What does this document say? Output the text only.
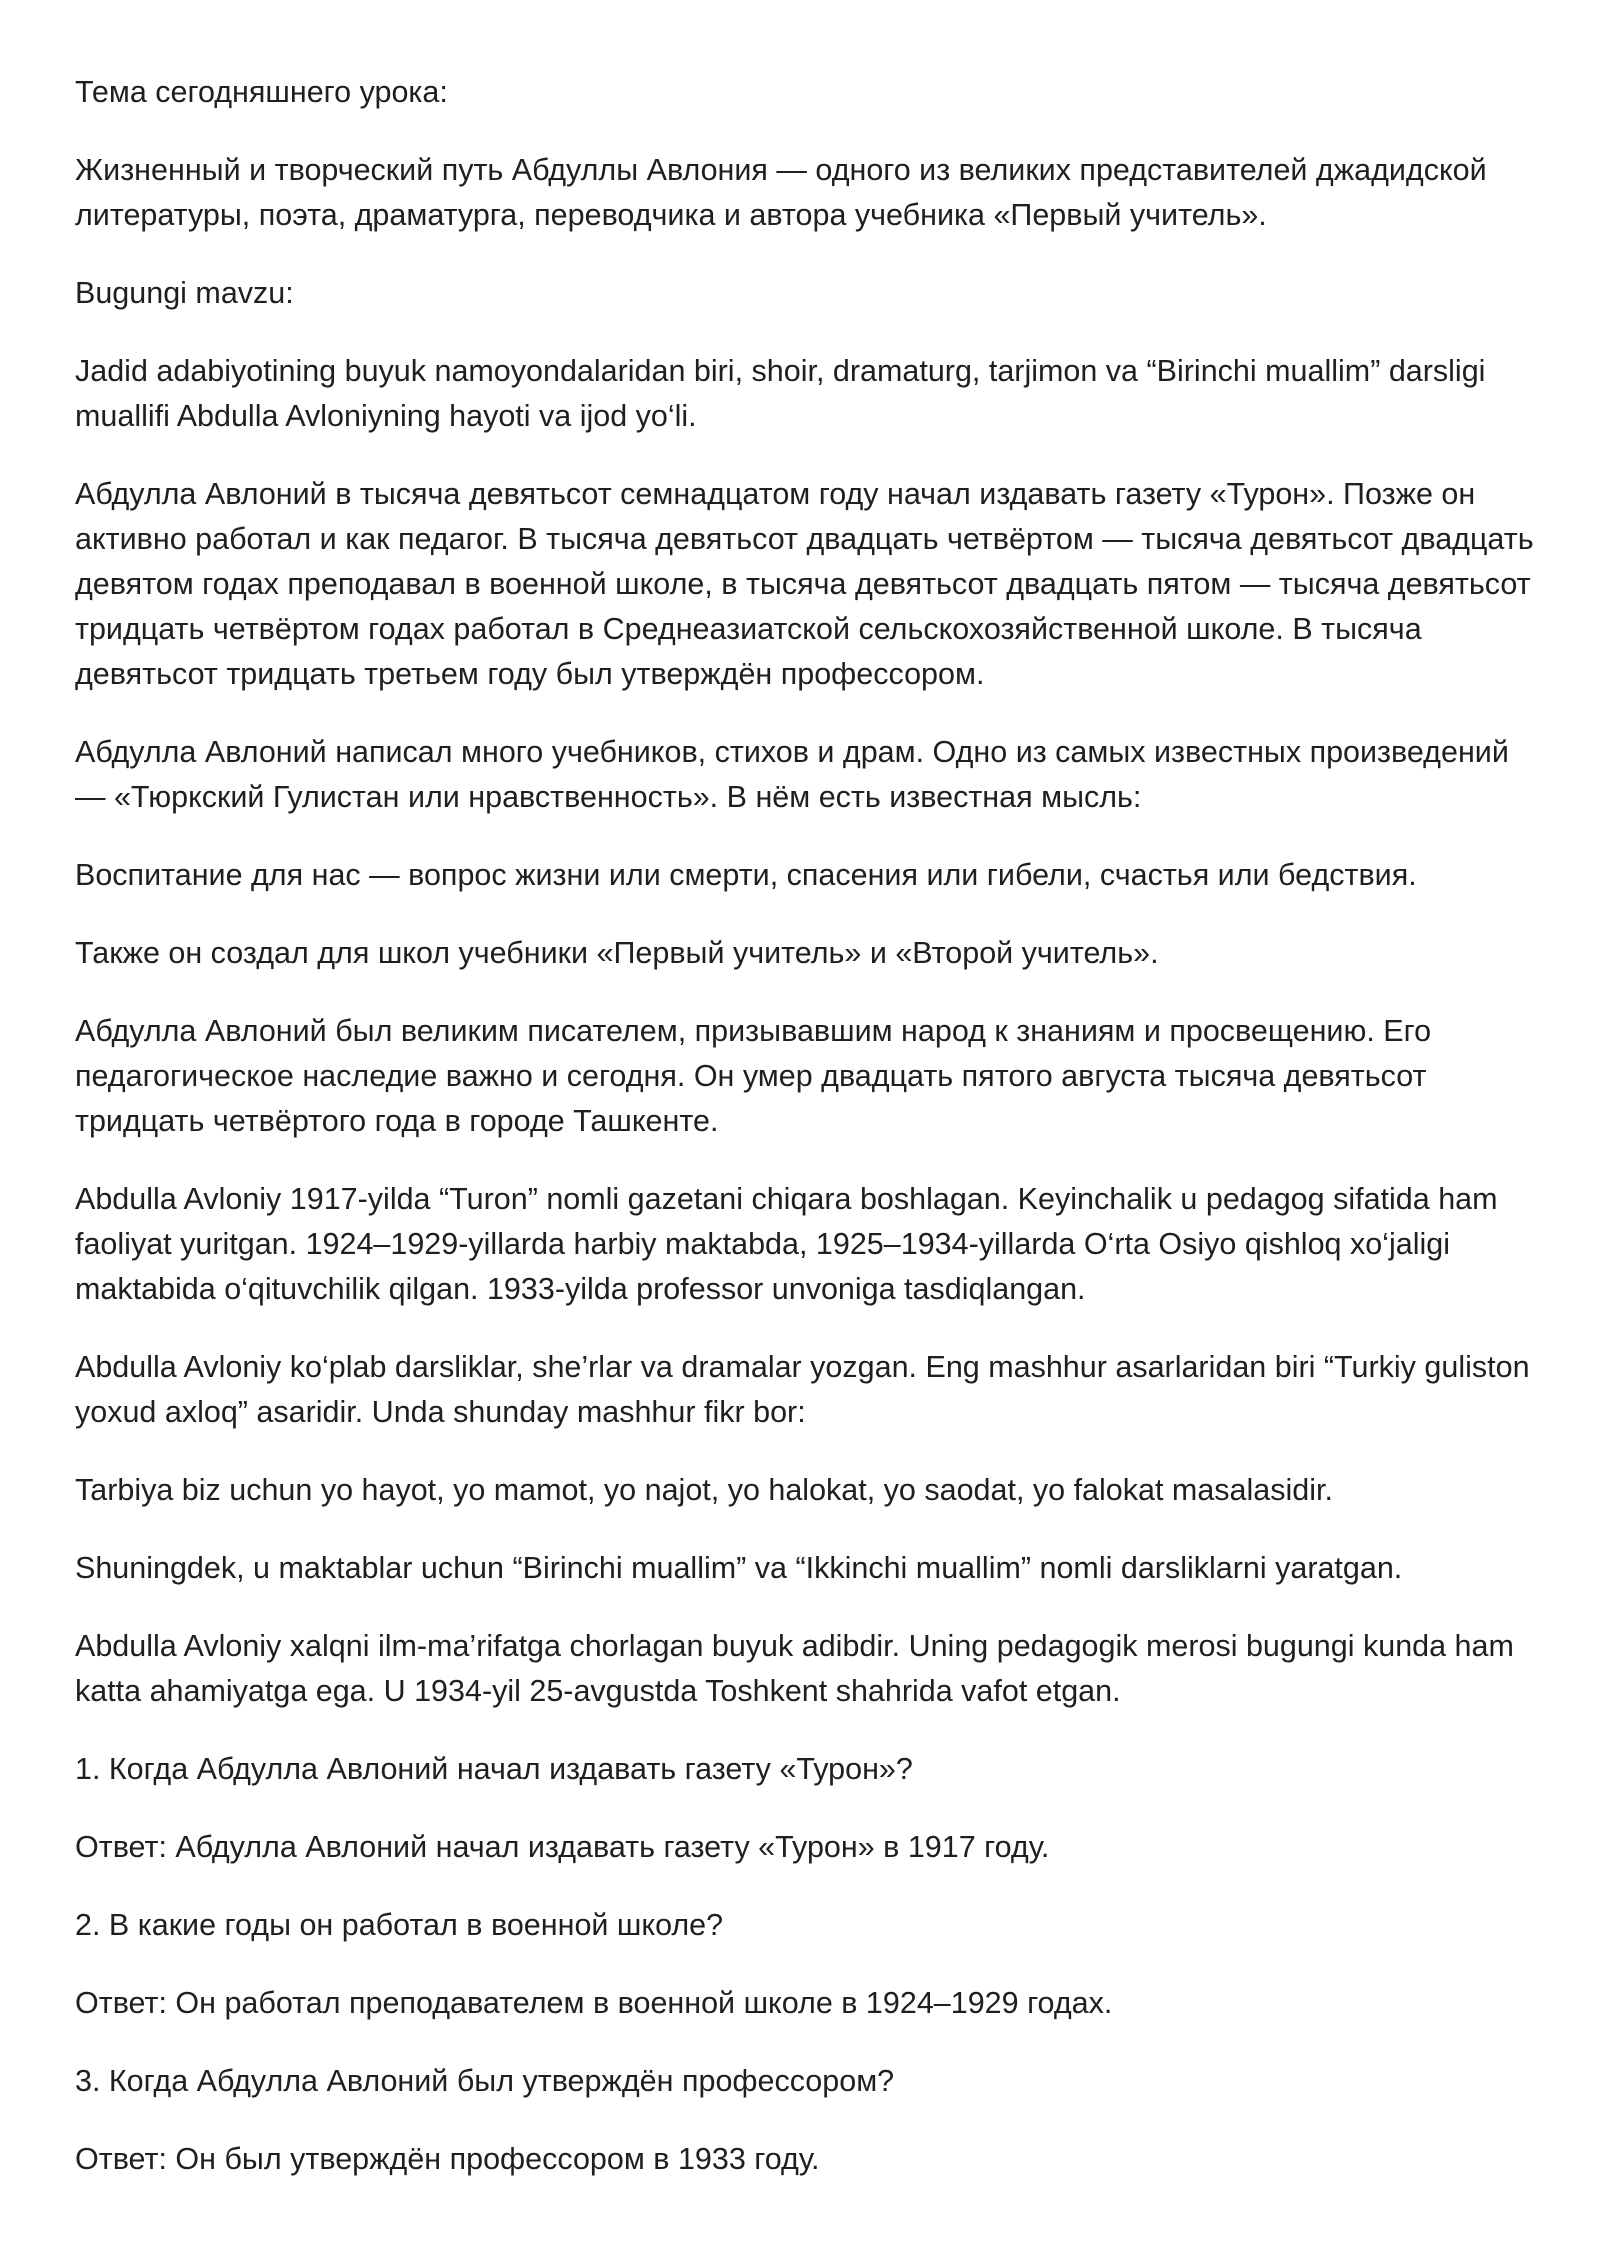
Тема сегодняшнего урока:

Жизненный и творческий путь Абдуллы Авлония — одного из великих представителей джадидской литературы, поэта, драматурга, переводчика и автора учебника «Первый учитель».

Bugungi mavzu:

Jadid adabiyotining buyuk namoyondalaridan biri, shoir, dramaturg, tarjimon va “Birinchi muallim” darsligi muallifi Abdulla Avloniyning hayoti va ijod yo‘li.

Абдулла Авлоний в тысяча девятьсот семнадцатом году начал издавать газету «Турон». Позже он активно работал и как педагог. В тысяча девятьсот двадцать четвёртом — тысяча девятьсот двадцать девятом годах преподавал в военной школе, в тысяча девятьсот двадцать пятом — тысяча девятьсот тридцать четвёртом годах работал в Среднеазиатской сельскохозяйственной школе. В тысяча девятьсот тридцать третьем году был утверждён профессором.

Абдулла Авлоний написал много учебников, стихов и драм. Одно из самых известных произведений — «Тюркский Гулистан или нравственность». В нём есть известная мысль:

Воспитание для нас — вопрос жизни или смерти, спасения или гибели, счастья или бедствия.

Также он создал для школ учебники «Первый учитель» и «Второй учитель».

Абдулла Авлоний был великим писателем, призывавшим народ к знаниям и просвещению. Его педагогическое наследие важно и сегодня. Он умер двадцать пятого августа тысяча девятьсот тридцать четвёртого года в городе Ташкенте.

Abdulla Avloniy 1917-yilda “Turon” nomli gazetani chiqara boshlagan. Keyinchalik u pedagog sifatida ham faoliyat yuritgan. 1924–1929-yillarda harbiy maktabda, 1925–1934-yillarda O‘rta Osiyo qishloq xo‘jaligi maktabida o‘qituvchilik qilgan. 1933-yilda professor unvoniga tasdiqlangan.

Abdulla Avloniy ko‘plab darsliklar, she’rlar va dramalar yozgan. Eng mashhur asarlaridan biri “Turkiy guliston yoxud axloq” asaridir. Unda shunday mashhur fikr bor:

Tarbiya biz uchun yo hayot, yo mamot, yo najot, yo halokat, yo saodat, yo falokat masalasidir.

Shuningdek, u maktablar uchun “Birinchi muallim” va “Ikkinchi muallim” nomli darsliklarni yaratgan.

Abdulla Avloniy xalqni ilm-ma’rifatga chorlagan buyuk adibdir. Uning pedagogik merosi bugungi kunda ham katta ahamiyatga ega. U 1934-yil 25-avgustda Toshkent shahrida vafot etgan.

1. Когда Абдулла Авлоний начал издавать газету «Турон»?

Ответ: Абдулла Авлоний начал издавать газету «Турон» в 1917 году.

2. В какие годы он работал в военной школе?

Ответ: Он работал преподавателем в военной школе в 1924–1929 годах.

3. Когда Абдулла Авлоний был утверждён профессором?

Ответ: Он был утверждён профессором в 1933 году.
